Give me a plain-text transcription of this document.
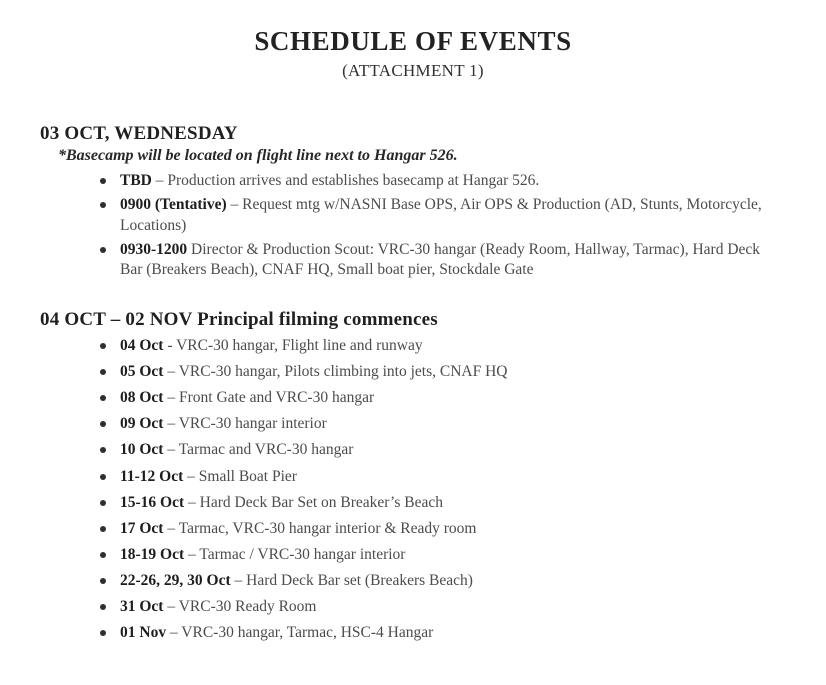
SCHEDULE OF EVENTS
(ATTACHMENT 1)
03 OCT, WEDNESDAY
*Basecamp will be located on flight line next to Hangar 526.
TBD – Production arrives and establishes basecamp at Hangar 526.
0900 (Tentative) – Request mtg w/NASNI Base OPS, Air OPS & Production (AD, Stunts, Motorcycle, Locations)
0930-1200 Director & Production Scout: VRC-30 hangar (Ready Room, Hallway, Tarmac), Hard Deck Bar (Breakers Beach), CNAF HQ, Small boat pier, Stockdale Gate
04 OCT – 02 NOV Principal filming commences
04 Oct - VRC-30 hangar, Flight line and runway
05 Oct – VRC-30 hangar, Pilots climbing into jets, CNAF HQ
08 Oct – Front Gate and VRC-30 hangar
09 Oct – VRC-30 hangar interior
10 Oct – Tarmac and VRC-30 hangar
11-12 Oct – Small Boat Pier
15-16 Oct – Hard Deck Bar Set on Breaker’s Beach
17 Oct – Tarmac, VRC-30 hangar interior & Ready room
18-19 Oct – Tarmac / VRC-30 hangar interior
22-26, 29, 30 Oct – Hard Deck Bar set (Breakers Beach)
31 Oct – VRC-30 Ready Room
01 Nov – VRC-30 hangar, Tarmac, HSC-4 Hangar
